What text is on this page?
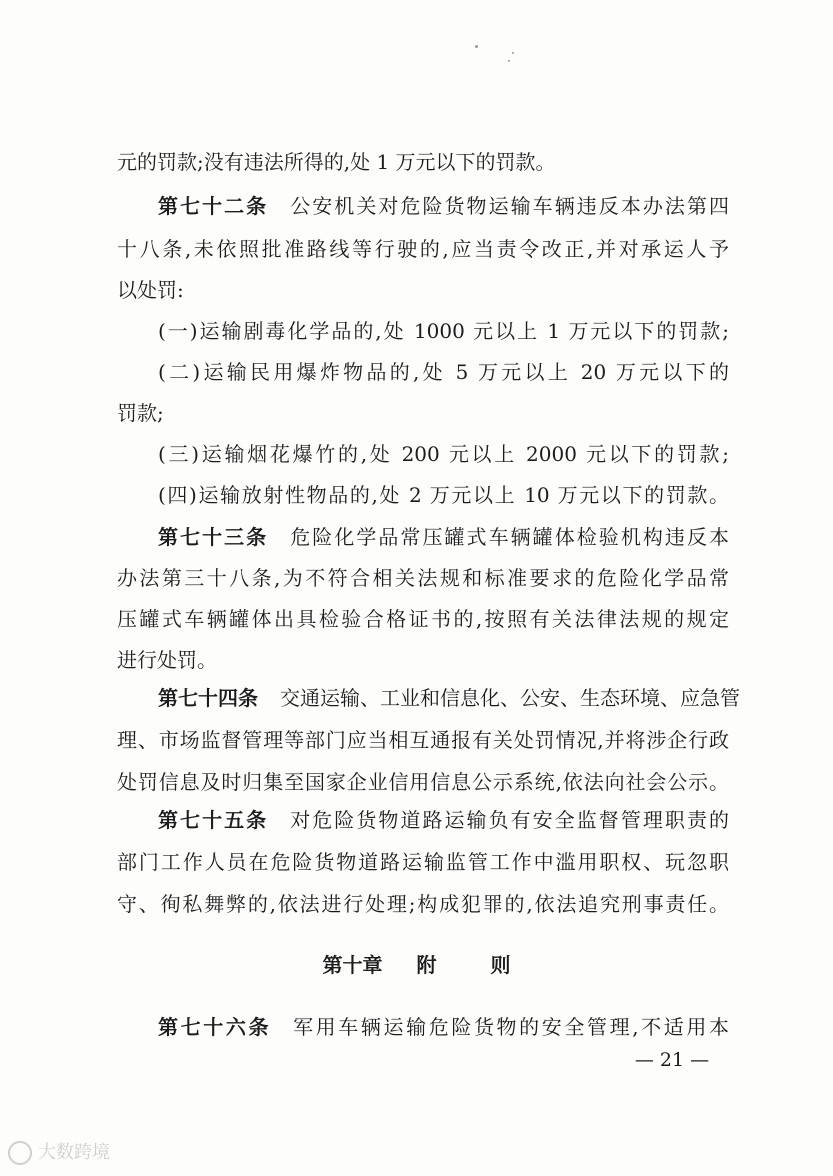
元的罚款;没有违法所得的,处 1 万元以下的罚款。
第七十二条 公安机关对危险货物运输车辆违反本办法第四
十八条,未依照批准路线等行驶的,应当责令改正,并对承运人予
以处罚:
(一)运输剧毒化学品的,处 1000 元以上 1 万元以下的罚款;
(二)运输民用爆炸物品的,处 5 万元以上 20 万元以下的
罚款;
(三)运输烟花爆竹的,处 200 元以上 2000 元以下的罚款;
(四)运输放射性物品的,处 2 万元以上 10 万元以下的罚款。
第七十三条 危险化学品常压罐式车辆罐体检验机构违反本
办法第三十八条,为不符合相关法规和标准要求的危险化学品常
压罐式车辆罐体出具检验合格证书的,按照有关法律法规的规定
进行处罚。
第七十四条 交通运输、工业和信息化、公安、生态环境、应急管
理、市场监督管理等部门应当相互通报有关处罚情况,并将涉企行政
处罚信息及时归集至国家企业信用信息公示系统,依法向社会公示。
第七十五条 对危险货物道路运输负有安全监督管理职责的
部门工作人员在危险货物道路运输监管工作中滥用职权、玩忽职
守、徇私舞弊的,依法进行处理;构成犯罪的,依法追究刑事责任。
第十章 附	则
第七十六条 军用车辆运输危险货物的安全管理,不适用本
— 21 —
大数跨境
